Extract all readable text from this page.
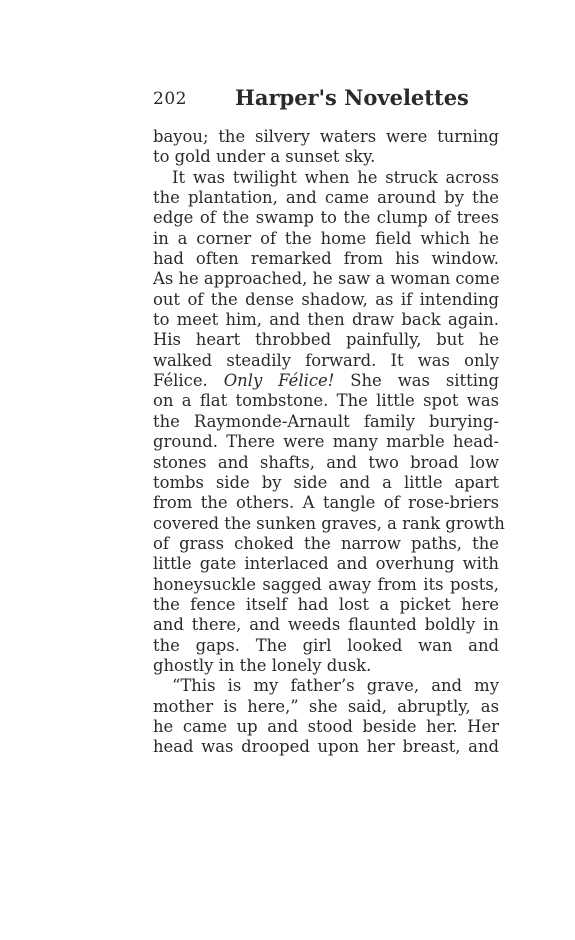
202 Harper's Novelettes
bayou; the silvery waters were turning
to gold under a sunset sky.
It was twilight when he struck across
the plantation, and came around by the
edge of the swamp to the clump of trees
in a corner of the home field which he
had often remarked from his window.
As he approached, he saw a woman come
out of the dense shadow, as if intending
to meet him, and then draw back again.
His heart throbbed painfully, but he
walked steadily forward. It was only
Félice. Only Félice! She was sitting
on a flat tombstone. The little spot was
the Raymonde-Arnault family burying-
ground. There were many marble head-
stones and shafts, and two broad low
tombs side by side and a little apart
from the others. A tangle of rose-briers
covered the sunken graves, a rank growth
of grass choked the narrow paths, the
little gate interlaced and overhung with
honeysuckle sagged away from its posts,
the fence itself had lost a picket here
and there, and weeds flaunted boldly in
the gaps. The girl looked wan and
ghostly in the lonely dusk.
“This is my father’s grave, and my
mother is here,” she said, abruptly, as
he came up and stood beside her. Her
head was drooped upon her breast, and
